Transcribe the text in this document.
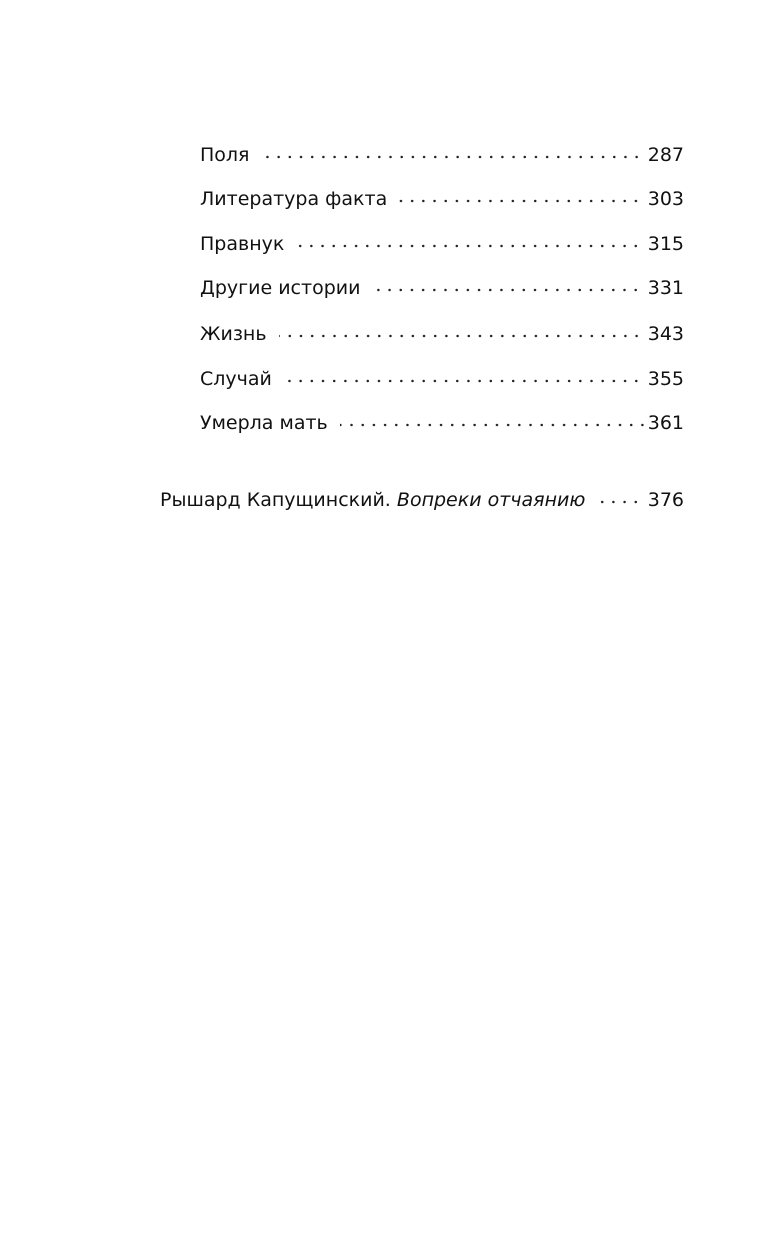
Поля	287
Литература факта	303
Правнук	315
Другие истории	331
Жизнь	343
Случай	355
Умерла мать	361
Рышард Капущинский. Вопреки отчаянию	376
